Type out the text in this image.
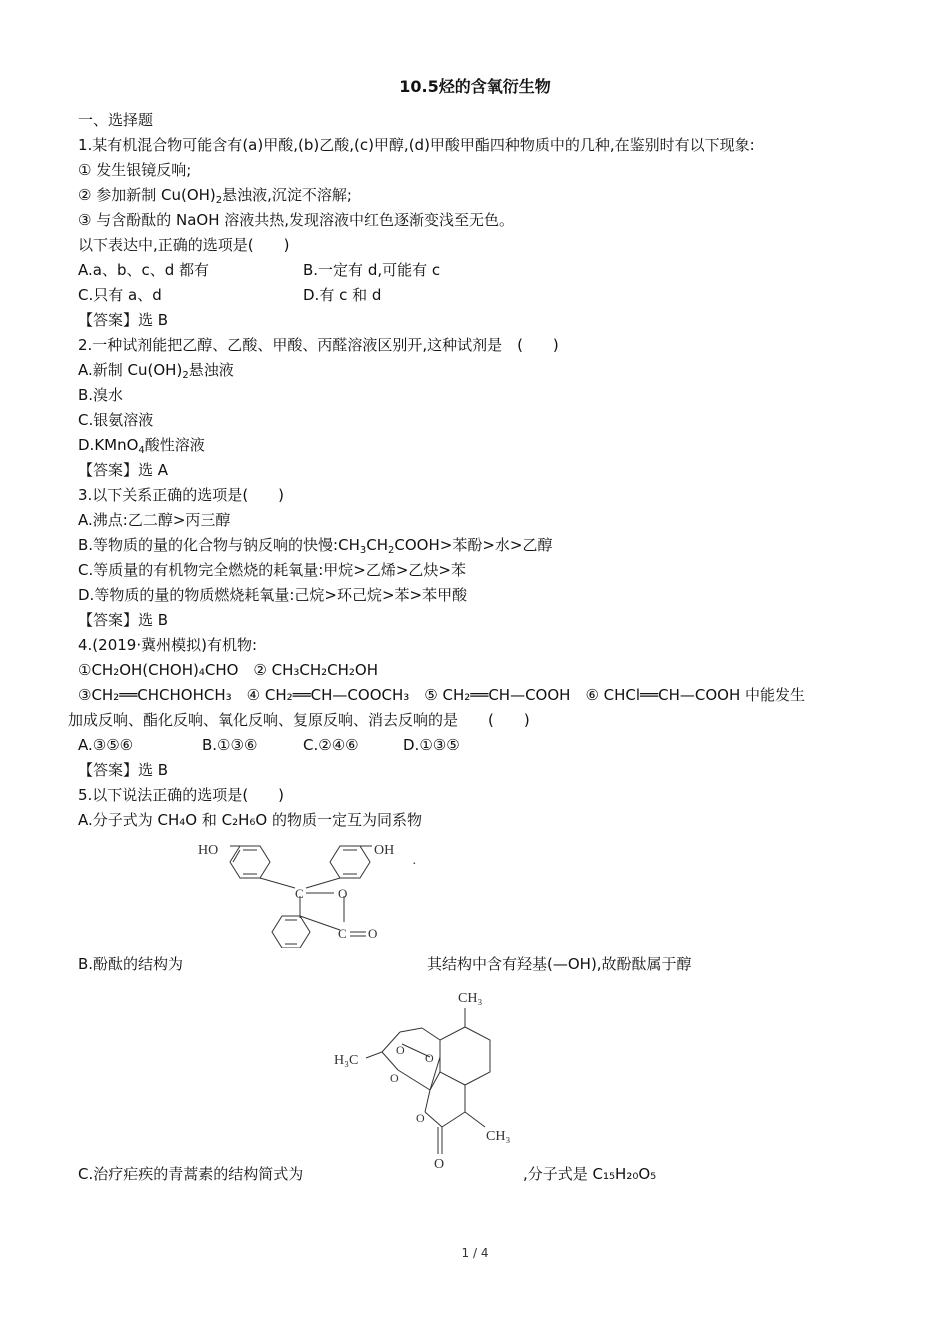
10.5烃的含氧衍生物
一、选择题
1.某有机混合物可能含有(a)甲酸,(b)乙酸,(c)甲醇,(d)甲酸甲酯四种物质中的几种,在鉴别时有以下现象:
① 发生银镜反响;
② 参加新制 $Cu(OH)_2$悬浊液,沉淀不溶解;
③ 与含酚酞的 NaOH 溶液共热,发现溶液中红色逐渐变浅至无色。
以下表达中,正确的选项是(　　)
A.a、b、c、d 都有	B.一定有 d,可能有 c
C.只有 a、d	D.有 c 和 d
【答案】选 B
2.一种试剂能把乙醇、乙酸、甲酸、丙醛溶液区别开,这种试剂是　(　　)
A.新制 $Cu(OH)_2$悬浊液
B.溴水
C.银氨溶液
D.KMnO$_4$酸性溶液
【答案】选 A
3.以下关系正确的选项是(　　)
A.沸点:乙二醇>丙三醇
B.等物质的量的化合物与钠反响的快慢$:CH_3CH_2COOH>$苯酚>水>乙醇
C.等质量的有机物完全燃烧的耗氧量:甲烷>乙烯>乙炔>苯
D.等物质的量的物质燃烧耗氧量:己烷>环己烷>苯>苯甲酸
【答案】选 B
4.(2019·冀州模拟)有机物:
①CH₂OH(CHOH)₄CHO　② CH₃CH₂CH₂OH
③CH₂══CHCHOHCH₃　④ CH₂══CH—COOCH₃　⑤ CH₂══CH—COOH　⑥ CHCl══CH—COOH 中能发生
加成反响、酯化反响、氧化反响、复原反响、消去反响的是　　(　　)
A.③⑤⑥	B.①③⑥	C.②④⑥	D.①③⑤
【答案】选 B
5.以下说法正确的选项是(　　)
A.分子式为 CH₄O 和 C₂H₆O 的物质一定互为同系物
HO	OH
C	O
C O
·
B.酚酞的结构为	其结构中含有羟基(—OH),故酚酞属于醇
CH₃
H₃C
CH₃
O
O
O
O
O
C.治疗疟疾的青蒿素的结构简式为	,分子式是 C₁₅H₂₀O₅
1 / 4
